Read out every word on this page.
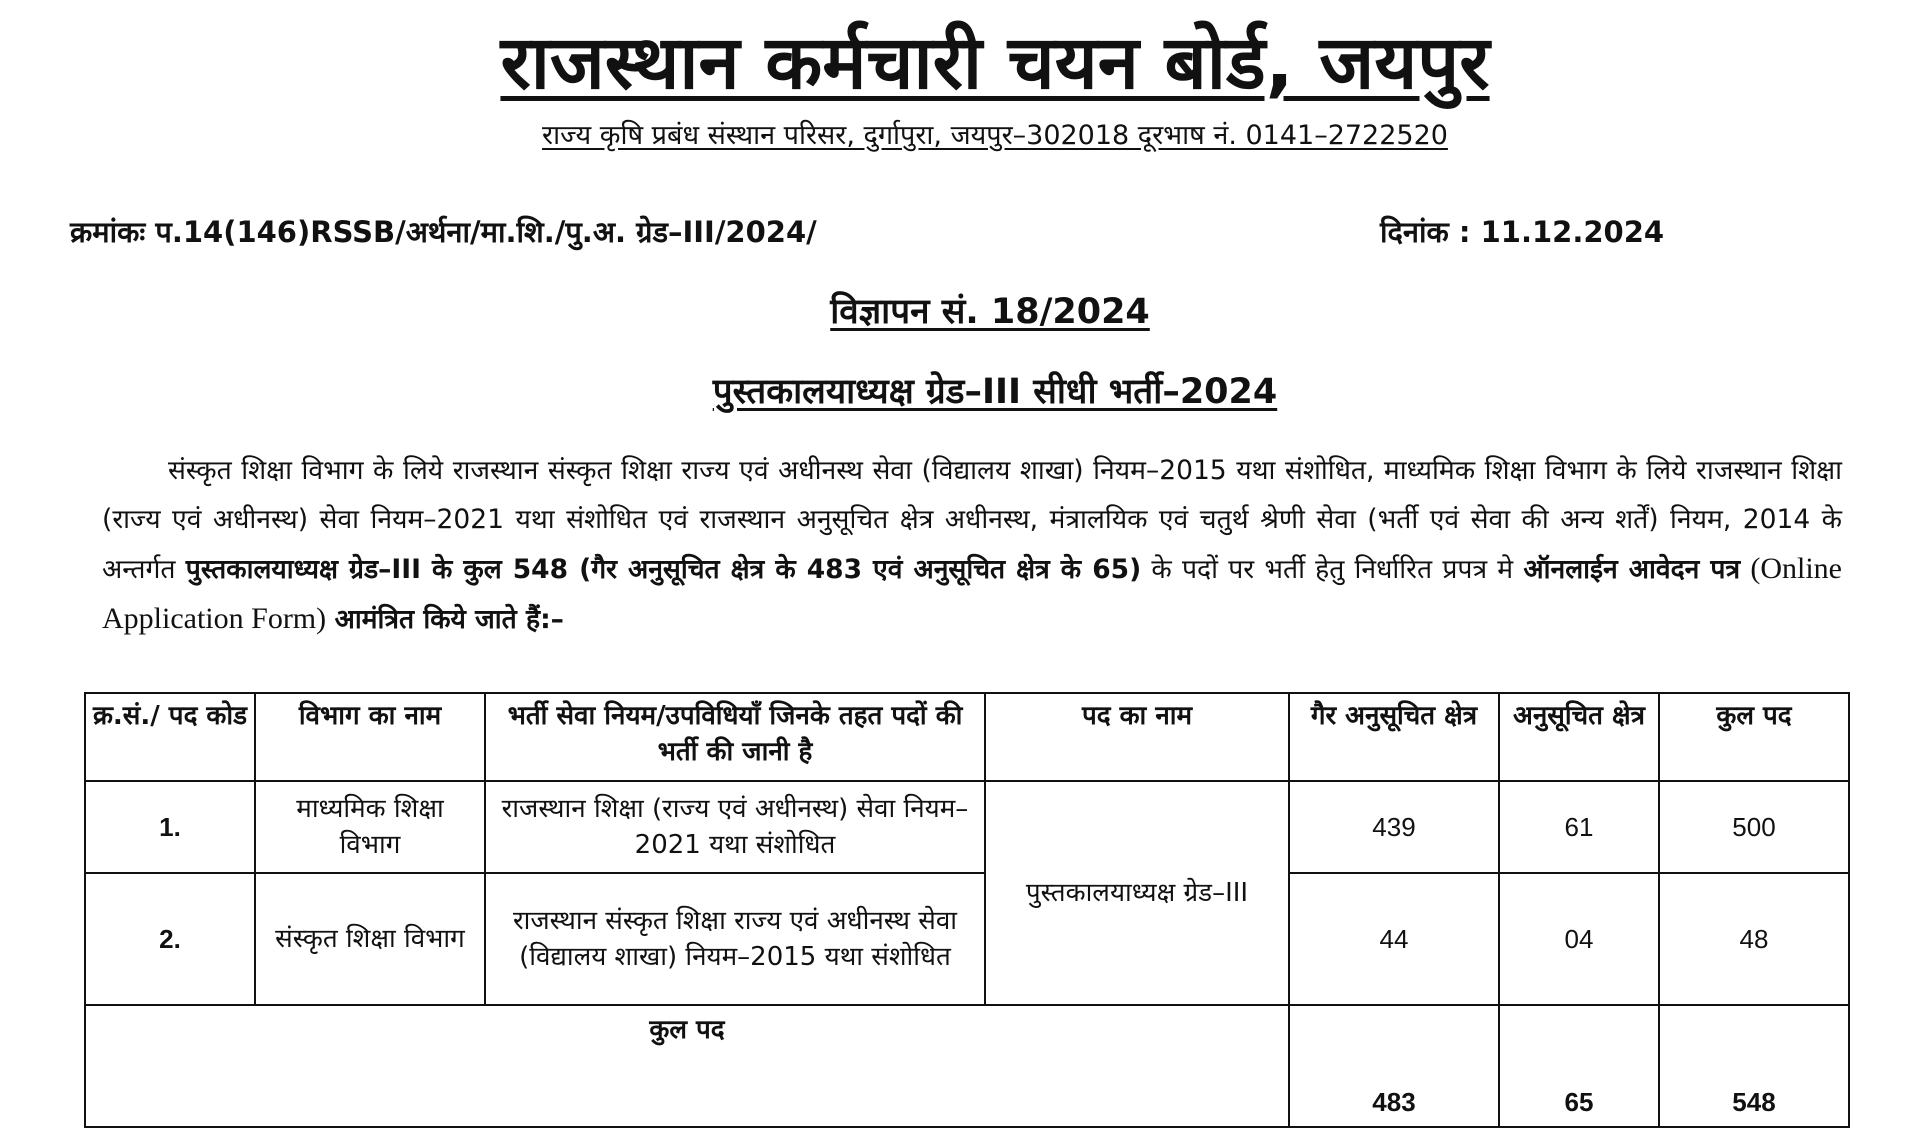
राजस्थान कर्मचारी चयन बोर्ड, जयपुर
राज्य कृषि प्रबंध संस्थान परिसर, दुर्गापुरा, जयपुर–302018 दूरभाष नं. 0141–2722520
क्रमांकः प.14(146)RSSB/अर्थना/मा.शि./पु.अ. ग्रेड–III/2024/	दिनांक : 11.12.2024
विज्ञापन सं. 18/2024
पुस्तकालयाध्यक्ष ग्रेड–III सीधी भर्ती–2024
संस्कृत शिक्षा विभाग के लिये राजस्थान संस्कृत शिक्षा राज्य एवं अधीनस्थ सेवा (विद्यालय शाखा) नियम–2015 यथा संशोधित, माध्यमिक शिक्षा विभाग के लिये राजस्थान शिक्षा (राज्य एवं अधीनस्थ) सेवा नियम–2021 यथा संशोधित एवं राजस्थान अनुसूचित क्षेत्र अधीनस्थ, मंत्रालयिक एवं चतुर्थ श्रेणी सेवा (भर्ती एवं सेवा की अन्य शर्तें) नियम, 2014 के अन्तर्गत पुस्तकालयाध्यक्ष ग्रेड–III के कुल 548 (गैर अनुसूचित क्षेत्र के 483 एवं अनुसूचित क्षेत्र के 65) के पदों पर भर्ती हेतु निर्धारित प्रपत्र मे ऑनलाईन आवेदन पत्र (Online Application Form) आमंत्रित किये जाते हैं:–
क्र.सं./ पद कोड	विभाग का नाम	भर्ती सेवा नियम/उपविधियॉं जिनके तहत पदों की भर्ती की जानी है	पद का नाम	गैर अनुसूचित क्षेत्र	अनुसूचित क्षेत्र	कुल पद
1.	माध्यमिक शिक्षा विभाग	राजस्थान शिक्षा (राज्य एवं अधीनस्थ) सेवा नियम–2021 यथा संशोधित	पुस्तकालयाध्यक्ष ग्रेड–III	439	61	500
2.	संस्कृत शिक्षा विभाग	राजस्थान संस्कृत शिक्षा राज्य एवं अधीनस्थ सेवा (विद्यालय शाखा) नियम–2015 यथा संशोधित		44	04	48
कुल पद				483	65	548
